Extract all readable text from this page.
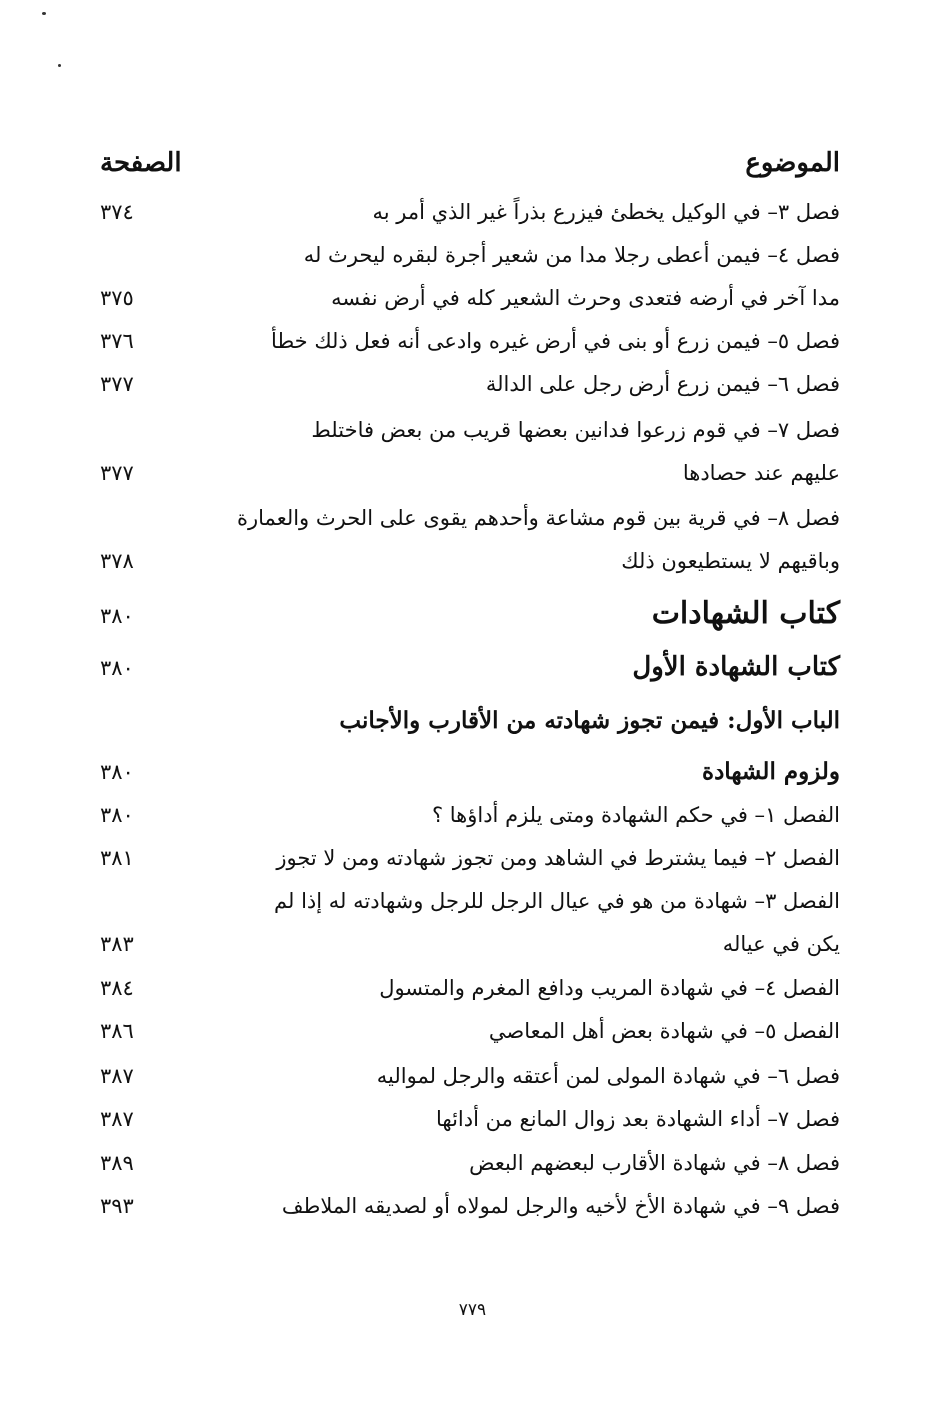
الموضوع
الصفحة
فصل ٣– في الوكيل يخطئ فيزرع بذراً غير الذي أمر به
٣٧٤
فصل ٤– فيمن أعطى رجلا مدا من شعير أجرة لبقره ليحرث له
مدا آخر في أرضه فتعدى وحرث الشعير كله في أرض نفسه
٣٧٥
فصل ٥– فيمن زرع أو بنى في أرض غيره وادعى أنه فعل ذلك خطأ
٣٧٦
فصل ٦– فيمن زرع أرض رجل على الدالة
٣٧٧
فصل ٧– في قوم زرعوا فدانين بعضها قريب من بعض فاختلط
عليهم عند حصادها
٣٧٧
فصل ٨– في قرية بين قوم مشاعة وأحدهم يقوى على الحرث والعمارة
وباقيهم لا يستطيعون ذلك
٣٧٨
كتاب الشهادات
٣٨٠
كتاب الشهادة الأول
٣٨٠
الباب الأول: فيمن تجوز شهادته من الأقارب والأجانب
ولزوم الشهادة
٣٨٠
الفصل ١– في حكم الشهادة ومتى يلزم أداؤها ؟
٣٨٠
الفصل ٢– فيما يشترط في الشاهد ومن تجوز شهادته ومن لا تجوز
٣٨١
الفصل ٣– شهادة من هو في عيال الرجل للرجل وشهادته له إذا لم
يكن في عياله
٣٨٣
الفصل ٤– في شهادة المريب ودافع المغرم والمتسول
٣٨٤
الفصل ٥– في شهادة بعض أهل المعاصي
٣٨٦
فصل ٦– في شهادة المولى لمن أعتقه والرجل لمواليه
٣٨٧
فصل ٧– أداء الشهادة بعد زوال المانع من أدائها
٣٨٧
فصل ٨– في شهادة الأقارب لبعضهم البعض
٣٨٩
فصل ٩– في شهادة الأخ لأخيه والرجل لمولاه أو لصديقه الملاطف
٣٩٣
٧٧٩
